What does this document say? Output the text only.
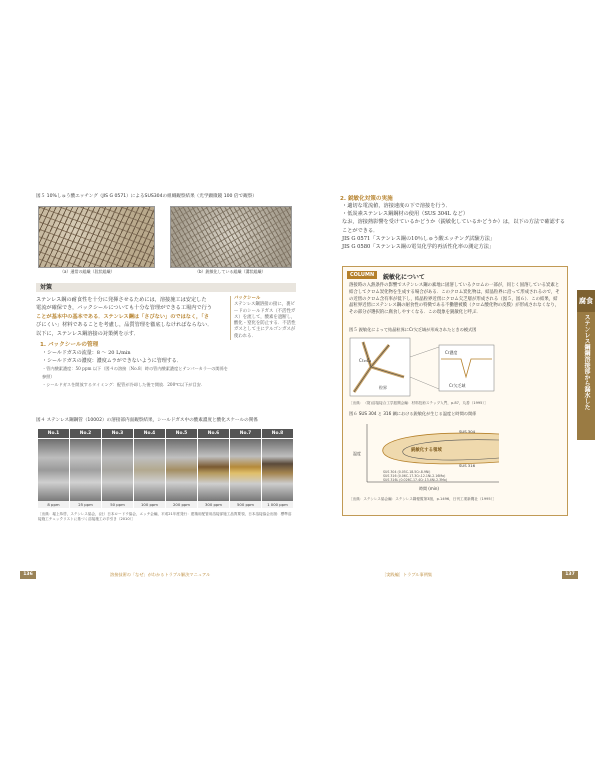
図５ 10%しゅう酸エッチング（JIS G 0571）によるSUS304の組織観察結果（光学顕微鏡 100 倍で観察）
（a）通常の組織（段状組織）	（b）鋭敏化している組織（溝状組織）
対策

ステンレス鋼の耐食性を十分に発揮させるためには，溶接施工は安定した

電流が確保でき，バックシールについても十分な管理ができる工場内で行う

ことが基本中の基本である．ステンレス鋼は「さびない」のではなく，「さ

びにくい」材料であることを考慮し，品質管理を徹底しなければならない．

以下に，ステンレス鋼溶接の対策例を示す．

バックシール
ステンレス鋼溶接の接に，裏ビードのシールドガス（不活性ガス）を流して，酸素を遮断し，酸化・窒化を防止する．不活性ガスとして主にアルゴンガスが使われる．
1. バックシールの管理
・シールドガスの流量：8 ～ 20 L/min
・シールドガスの濃度：濃度ムラができないように管理する．
・管内酸素濃度：50 ppm 以下（図４の溶接〔No.8〕時の管内酸素濃度とテンパーカラーの関係を参照）
・シールドガスを開放するタイミング：配管が冷却した後で開放．200℃以下が目安．
図４ ステンレス鋼鋼管（10002）の溶接部内面観察結果，シールドガス中の酸素濃度と酸化スケールの関係
No.1	No.2	No.3	No.4	No.5	No.6	No.7	No.8
8 ppm	25 ppm	50 ppm	100 ppm	200 ppm	300 ppm	500 ppm	1 000 ppm
［出典：堀上恭啓，ステンレス協会，(社）日本ロードウ協会，エッチ会編，平成21年度発行：建築用配管用溶接部施工品質要領，日本溶接協会出版：標準溶接施工チェックリストに基づく溶接施工の手引き（2010）］
136	溶接技術の「なぜ」がわかるトラブル解決マニュアル
2. 鋭敏化対策の実施

・適切な電流値，溶接速度の下で溶接を行う．

・低炭素ステンレス鋼鋼材の使用（SUS 304L など）

なお，溶接熱影響を受けているかどうか（鋭敏化しているかどうか）は，以下の方法で確認することができる．

JIS G 0571「ステンレス鋼の10％しゅう酸エッチング試験方法」

JIS G 0580「ステンレス鋼の電気化学的再活性化率の測定方法」

COLUMN	鋭敏化について
溶接時の入熱条件の影響でステンレス鋼の素地に固溶しているクロムの一部が，同じく固溶している炭素と結合してクロム炭化物を生成する場合がある．このクロム炭化物は，結晶粒界に沿って形成されるので，その近傍のクロム含有率が低下し，結晶粒界近傍にクロム欠乏層が形成される（図５，図６）．この結果，結晶粒界近傍にステンレス鋼の耐食性の特徴である不働態被膜（クロム酸化物の皮膜）が形成されなくなり，その部分が選択的に腐食しやすくなる．この現象を鋭敏化と呼ぶ．
図５ 鋭敏化によって結晶粒界にCr欠乏域が形成されたときの模式図
Cr₂₃C₆
粒界
Cr濃度
Cr欠乏域
［出典：（財)溶接接合工学振興会編：材料技術ステップ入門，p.87，丸善（1995）］
図６ SUS 304 と 316 鋼における鋭敏化が生じる温度と時間の関係
温度
時間 (min)
鋭敏化する領域
SUS 304
SUS 316
SUS 304 (0.05C-18.5Cr-8.9Ni)
SUS 316 (0.06C-17.3Cr-12.1Ni-2.16Mo)
SUS 316L (0.026C-17.4Cr-13.4Ni-2.3Mo)
［出典：ステンレス協会編：ステンレス鋼便覧第3版，p.1496，日刊工業新聞社（1995）］
［実践編］トラブル事例集	137
腐食
ステンレス鋼鋼溶接部から漏水した
